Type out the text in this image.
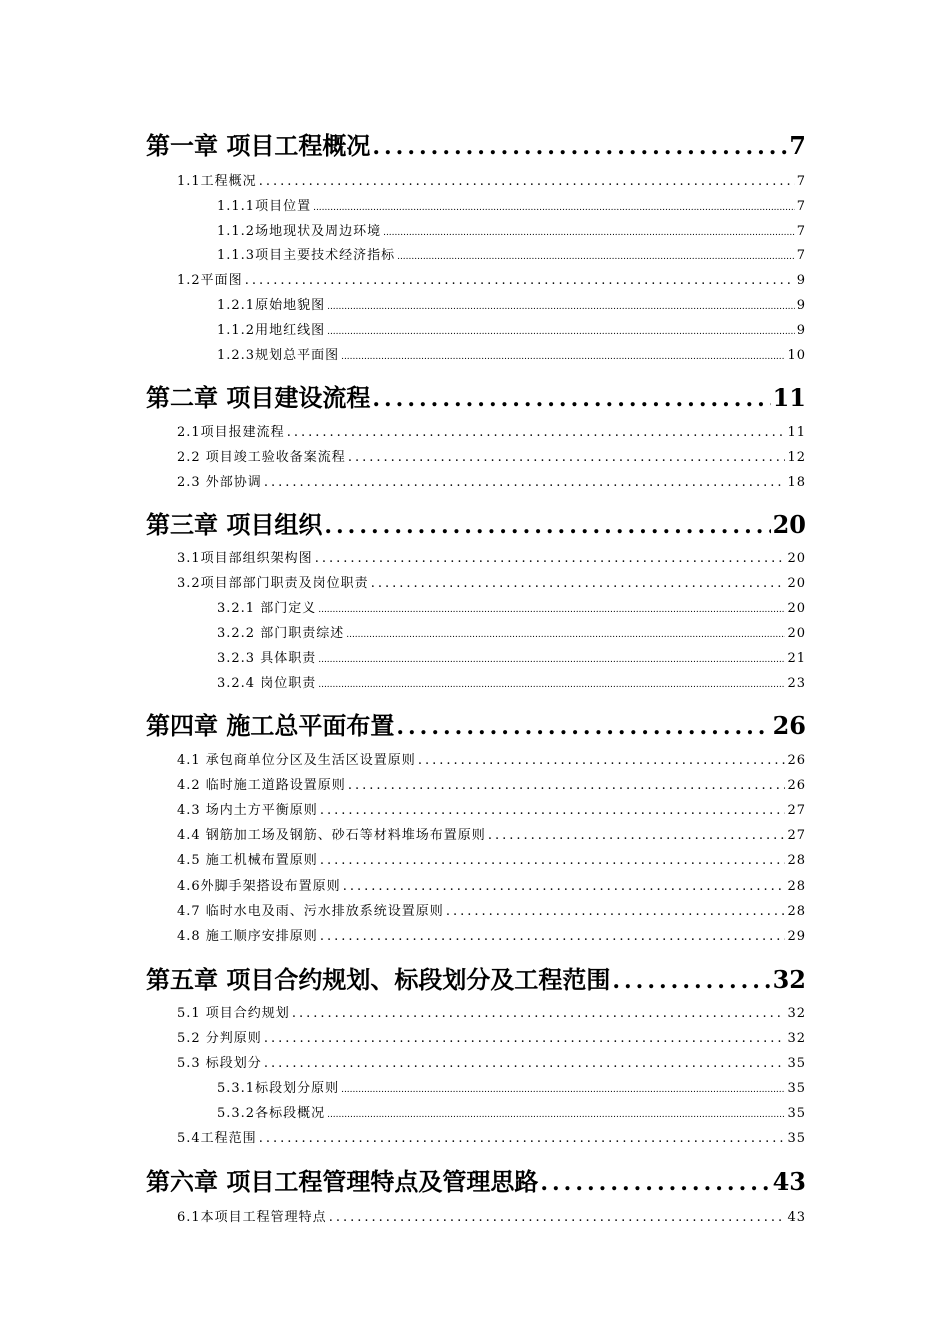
第一章 项目工程概况 .....	7
1.1工程概况 .....	7
1.1.1项目位置 .....	7
1.1.2场地现状及周边环境 .....	7
1.1.3项目主要技术经济指标 .....	7
1.2平面图 .....	9
1.2.1原始地貌图 .....	9
1.1.2用地红线图 .....	9
1.2.3规划总平面图 .....	10
第二章 项目建设流程 .....	11
2.1项目报建流程 .....	11
2.2 项目竣工验收备案流程 .....	12
2.3 外部协调 .....	18
第三章 项目组织 .....	20
3.1项目部组织架构图 .....	20
3.2项目部部门职责及岗位职责 .....	20
3.2.1 部门定义 .....	20
3.2.2 部门职责综述 .....	20
3.2.3 具体职责 .....	21
3.2.4 岗位职责 .....	23
第四章 施工总平面布置 .....	26
4.1 承包商单位分区及生活区设置原则 .....	26
4.2 临时施工道路设置原则 .....	26
4.3 场内土方平衡原则 .....	27
4.4 钢筋加工场及钢筋、砂石等材料堆场布置原则 .....	27
4.5 施工机械布置原则 .....	28
4.6外脚手架搭设布置原则 .....	28
4.7 临时水电及雨、污水排放系统设置原则 .....	28
4.8 施工顺序安排原则 .....	29
第五章 项目合约规划、标段划分及工程范围 .....	32
5.1 项目合约规划 .....	32
5.2 分判原则 .....	32
5.3 标段划分 .....	35
5.3.1标段划分原则 .....	35
5.3.2各标段概况 .....	35
5.4工程范围 .....	35
第六章 项目工程管理特点及管理思路 .....	43
6.1本项目工程管理特点 .....	43
